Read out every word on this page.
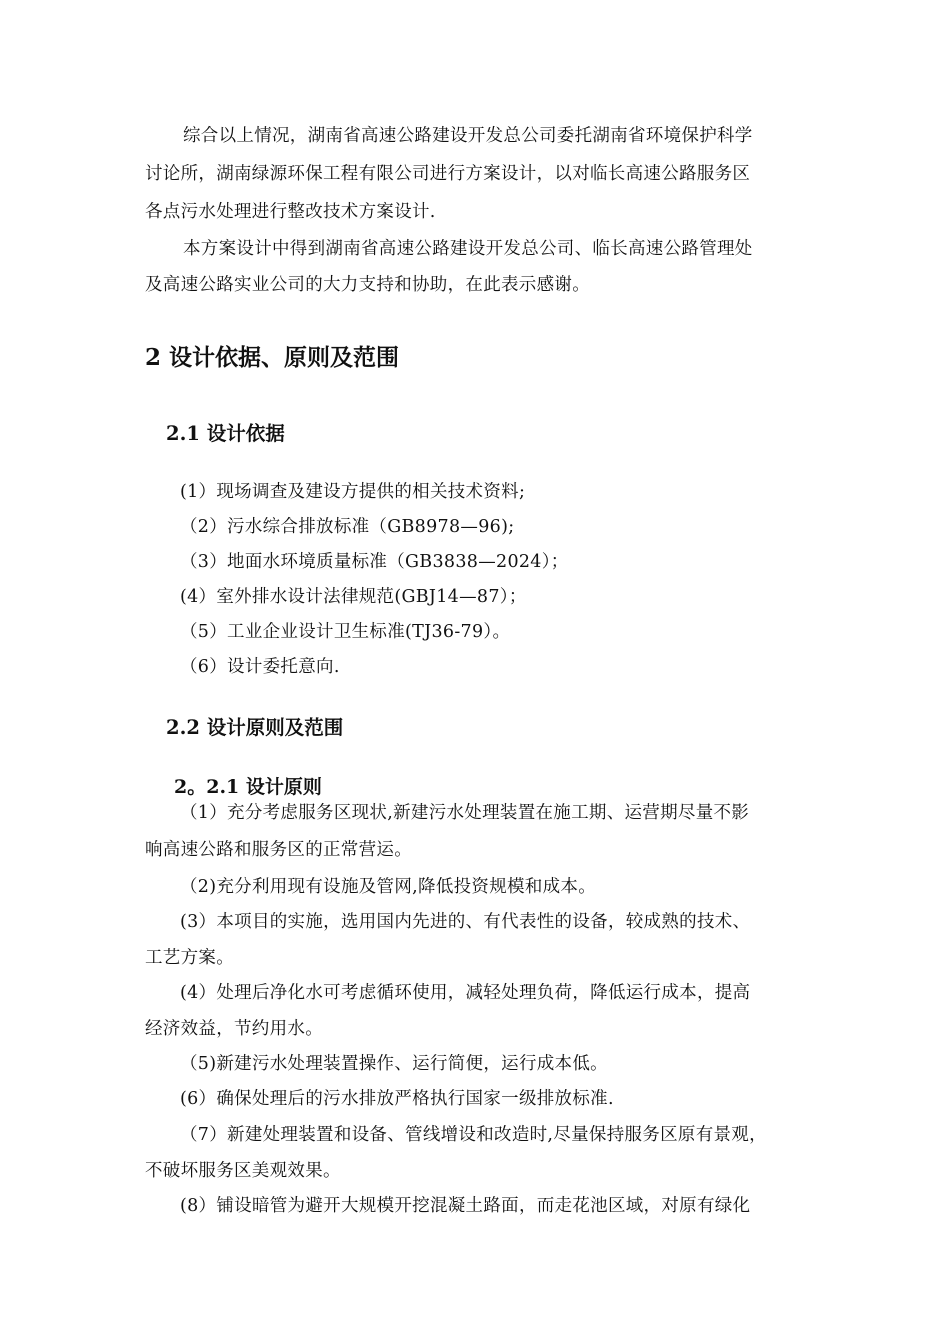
综合以上情况，湖南省高速公路建设开发总公司委托湖南省环境保护科学
讨论所，湖南绿源环保工程有限公司进行方案设计，以对临长高速公路服务区
各点污水处理进行整改技术方案设计.
本方案设计中得到湖南省高速公路建设开发总公司、临长高速公路管理处
及高速公路实业公司的大力支持和协助，在此表示感谢。
2 设计依据、原则及范围
2.1 设计依据
(1）现场调查及建设方提供的相关技术资料;
（2）污水综合排放标准（GB8978—96);
（3）地面水环境质量标准（GB3838—2024）；
(4）室外排水设计法律规范(GBJ14—87）；
（5）工业企业设计卫生标准(TJ36-79）。
（6）设计委托意向.
2.2 设计原则及范围
2。2.1 设计原则
（1）充分考虑服务区现状,新建污水处理装置在施工期、运营期尽量不影
响高速公路和服务区的正常营运。
（2)充分利用现有设施及管网,降低投资规模和成本。
(3）本项目的实施，选用国内先进的、有代表性的设备，较成熟的技术、
工艺方案。
(4）处理后净化水可考虑循环使用，减轻处理负荷，降低运行成本，提高
经济效益，节约用水。
（5)新建污水处理装置操作、运行简便，运行成本低。
(6）确保处理后的污水排放严格执行国家一级排放标准.
（7）新建处理装置和设备、管线增设和改造时,尽量保持服务区原有景观，
不破坏服务区美观效果。
(8）铺设暗管为避开大规模开挖混凝土路面，而走花池区域，对原有绿化
